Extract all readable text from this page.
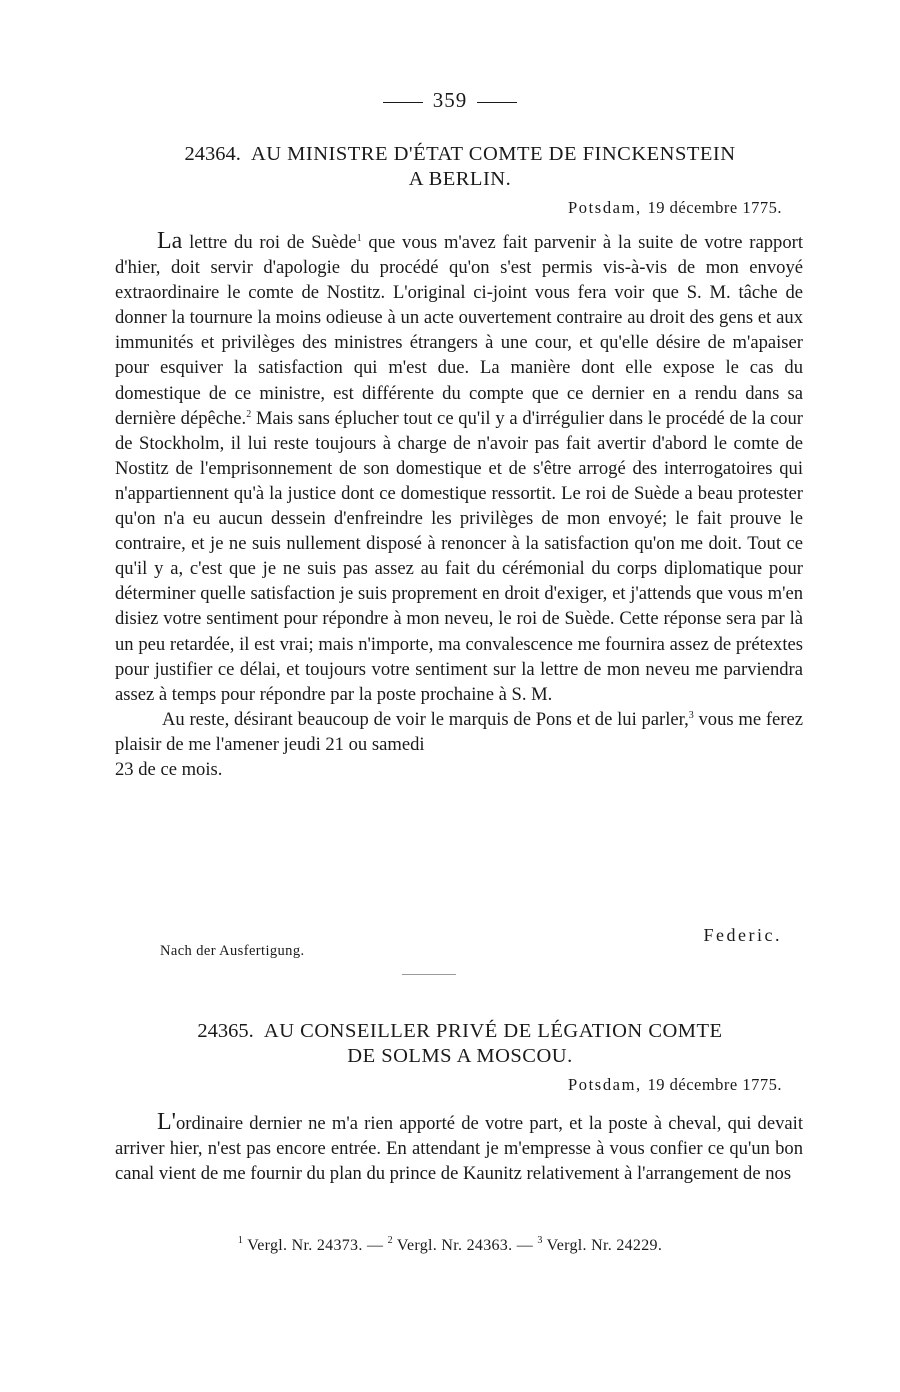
359
24364. AU MINISTRE D'ÉTAT COMTE DE FINCKENSTEIN
A BERLIN.
Potsdam, 19 décembre 1775.

La lettre du roi de Suède$^1$ que vous m'avez fait parvenir à la suite de votre rapport d'hier, doit servir d'apologie du procédé qu'on s'est permis vis-à-vis de mon envoyé extraordinaire le comte de Nostitz. L'original ci-joint vous fera voir que S. M. tâche de donner la tournure la moins odieuse à un acte ouvertement contraire au droit des gens et aux immunités et privilèges des ministres étrangers à une cour, et qu'elle désire de m'apaiser pour esquiver la satisfaction qui m'est due. La manière dont elle expose le cas du domestique de ce ministre, est différente du compte que ce dernier en a rendu dans sa dernière dépêche.$^2$ Mais sans éplucher tout ce qu'il y a d'irrégulier dans le procédé de la cour de Stockholm, il lui reste toujours à charge de n'avoir pas fait avertir d'abord le comte de Nostitz de l'emprisonnement de son domestique et de s'être arrogé des interrogatoires qui n'appartiennent qu'à la justice dont ce domestique ressortit. Le roi de Suède a beau protester qu'on n'a eu aucun dessein d'enfreindre les privilèges de mon envoyé; le fait prouve le contraire, et je ne suis nullement disposé à renoncer à la satisfaction qu'on me doit. Tout ce qu'il y a, c'est que je ne suis pas assez au fait du cérémonial du corps diplomatique pour déterminer quelle satisfaction je suis proprement en droit d'exiger, et j'attends que vous m'en disiez votre sentiment pour répondre à mon neveu, le roi de Suède. Cette réponse sera par là un peu retardée, il est vrai; mais n'importe, ma convalescence me fournira assez de prétextes pour justifier ce délai, et toujours votre sentiment sur la lettre de mon neveu me parviendra assez à temps pour répondre par la poste prochaine à S. M.

Au reste, désirant beaucoup de voir le marquis de Pons et de lui parler,$^3$ vous me ferez plaisir de me l'amener jeudi 21 ou samedi

23 de ce mois.
Federic.
Nach der Ausfertigung.
24365. AU CONSEILLER PRIVÉ DE LÉGATION COMTE
DE SOLMS A MOSCOU.
Potsdam, 19 décembre 1775.

L'ordinaire dernier ne m'a rien apporté de votre part, et la poste à cheval, qui devait arriver hier, n'est pas encore entrée. En attendant je m'empresse à vous confier ce qu'un bon canal vient de me fournir du plan du prince de Kaunitz relativement à l'arrangement de nos

$^1$ Vergl. Nr. 24373. — $^2$ Vergl. Nr. 24363. — $^3$ Vergl. Nr. 24229.
